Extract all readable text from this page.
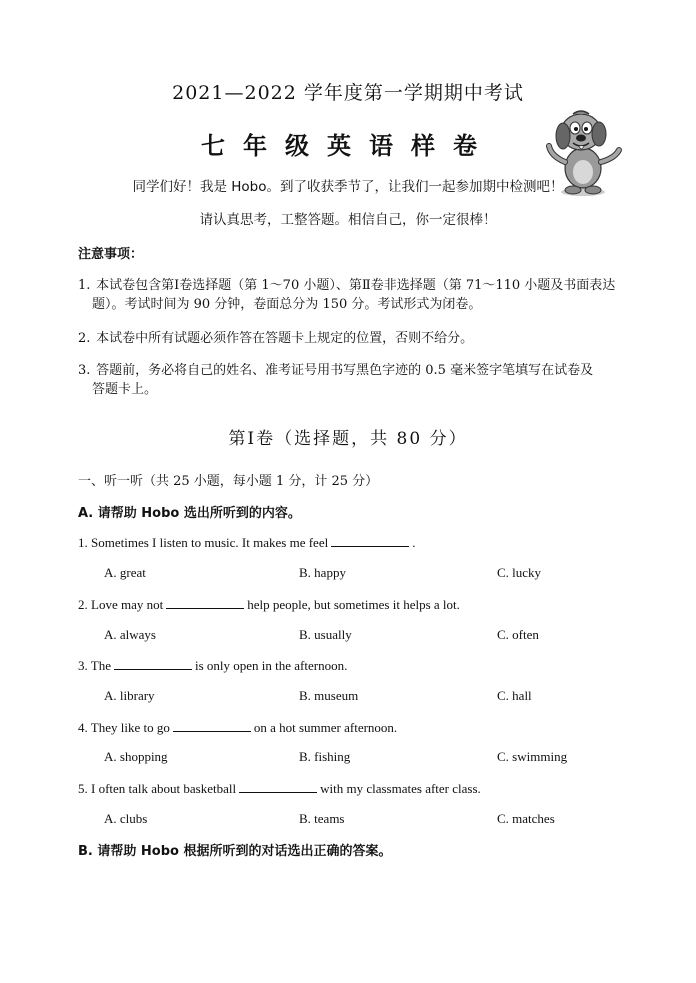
2021—2022 学年度第一学期期中考试
七年级英语样卷
同学们好！我是 Hobo。到了收获季节了，让我们一起参加期中检测吧！
请认真思考，工整答题。相信自己，你一定很棒！
注意事项：
1. 本试卷包含第Ⅰ卷选择题（第 1～70 小题）、第Ⅱ卷非选择题（第 71～110 小题及书面表达
题）。考试时间为 90 分钟，卷面总分为 150 分。考试形式为闭卷。
2. 本试卷中所有试题必须作答在答题卡上规定的位置，否则不给分。
3. 答题前，务必将自己的姓名、准考证号用书写黑色字迹的 0.5 毫米签字笔填写在试卷及
答题卡上。
第Ⅰ卷（选择题，共 80 分）
一、听一听（共 25 小题，每小题 1 分，计 25 分）
A. 请帮助 Hobo 选出所听到的内容。
1. Sometimes I listen to music. It makes me feel	.
A. great	B. happy	C. lucky
2. Love may not	help people, but sometimes it helps a lot.
A. always	B. usually	C. often
3. The	is only open in the afternoon.
A. library	B. museum	C. hall
4. They like to go	on a hot summer afternoon.
A. shopping	B. fishing	C. swimming
5. I often talk about basketball	with my classmates after class.
A. clubs	B. teams	C. matches
B. 请帮助 Hobo 根据所听到的对话选出正确的答案。
